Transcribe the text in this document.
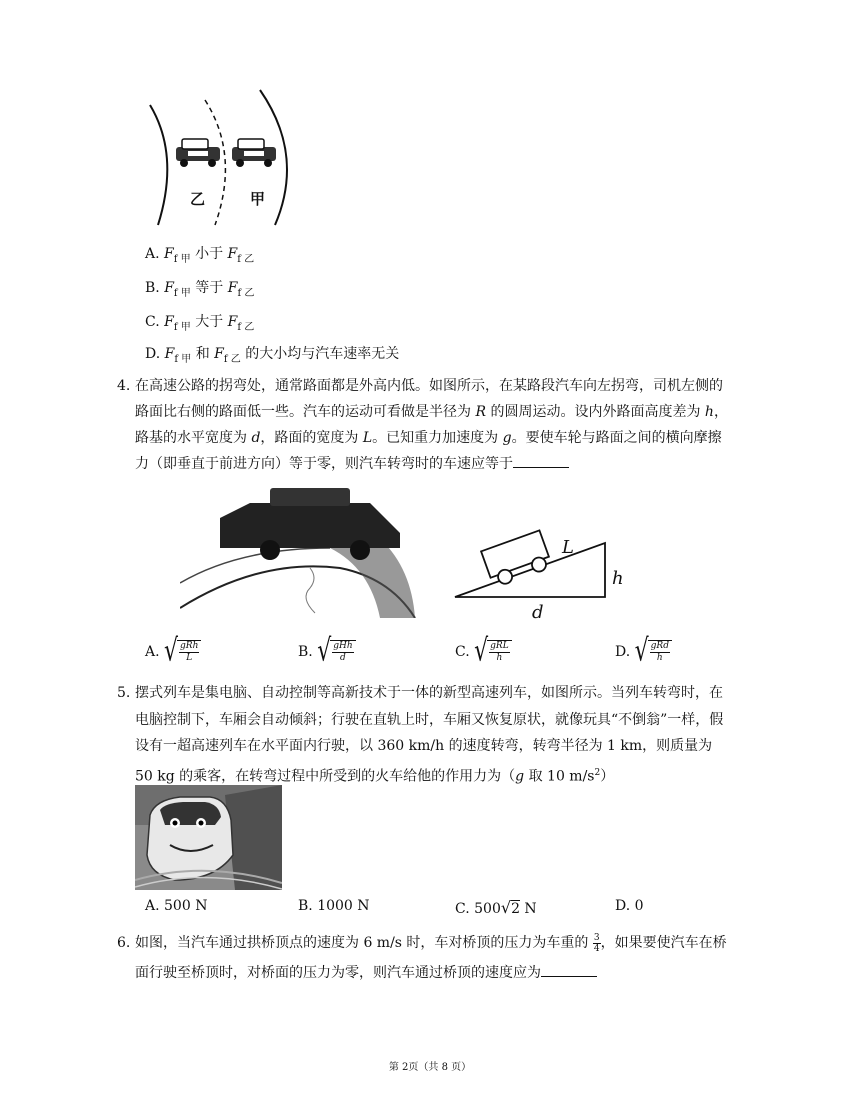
乙	甲
A. $F_{f 甲}$ 小于 $F_{f 乙}$
B. $F_{f 甲}$ 等于 $F_{f 乙}$
C. $F_{f 甲}$ 大于 $F_{f 乙}$
D. $F_{f 甲}$ 和 $F_{f 乙}$ 的大小均与汽车速率无关
4. 在高速公路的拐弯处，通常路面都是外高内低。如图所示，在某路段汽车向左拐弯，司机左侧的
路面比右侧的路面低一些。汽车的运动可看做是半径为 R 的圆周运动。设内外路面高度差为 h，
路基的水平宽度为 d，路面的宽度为 L。已知重力加速度为 g。要使车轮与路面之间的横向摩擦
力（即垂直于前进方向）等于零，则汽车转弯时的车速应等于
L
h
d
A. √ $\frac{\text{gRh}}{L}$	B. √ $\frac{\text{gHh}}{d}$	C. √ $\frac{\text{gRL}}{h}$	D. √ $\frac{\text{gRd}}{h}$
5. 摆式列车是集电脑、自动控制等高新技术于一体的新型高速列车，如图所示。当列车转弯时，在
电脑控制下，车厢会自动倾斜；行驶在直轨上时，车厢又恢复原状，就像玩具“不倒翁”一样，假
设有一超高速列车在水平面内行驶，以 360 km/h 的速度转弯，转弯半径为 1 km，则质量为
50 kg 的乘客，在转弯过程中所受到的火车给他的作用力为（g 取 10 $m/s^2$）
A. 500 N	B. 1000 N	C. 500√2 N	D. 0
6. 如图，当汽车通过拱桥顶点的速度为 6 m/s 时，车对桥顶的压力为车重的 $\frac{3}{4}$ ，如果要使汽车在桥
面行驶至桥顶时，对桥面的压力为零，则汽车通过桥顶的速度应为
第 2页（共 8 页）
